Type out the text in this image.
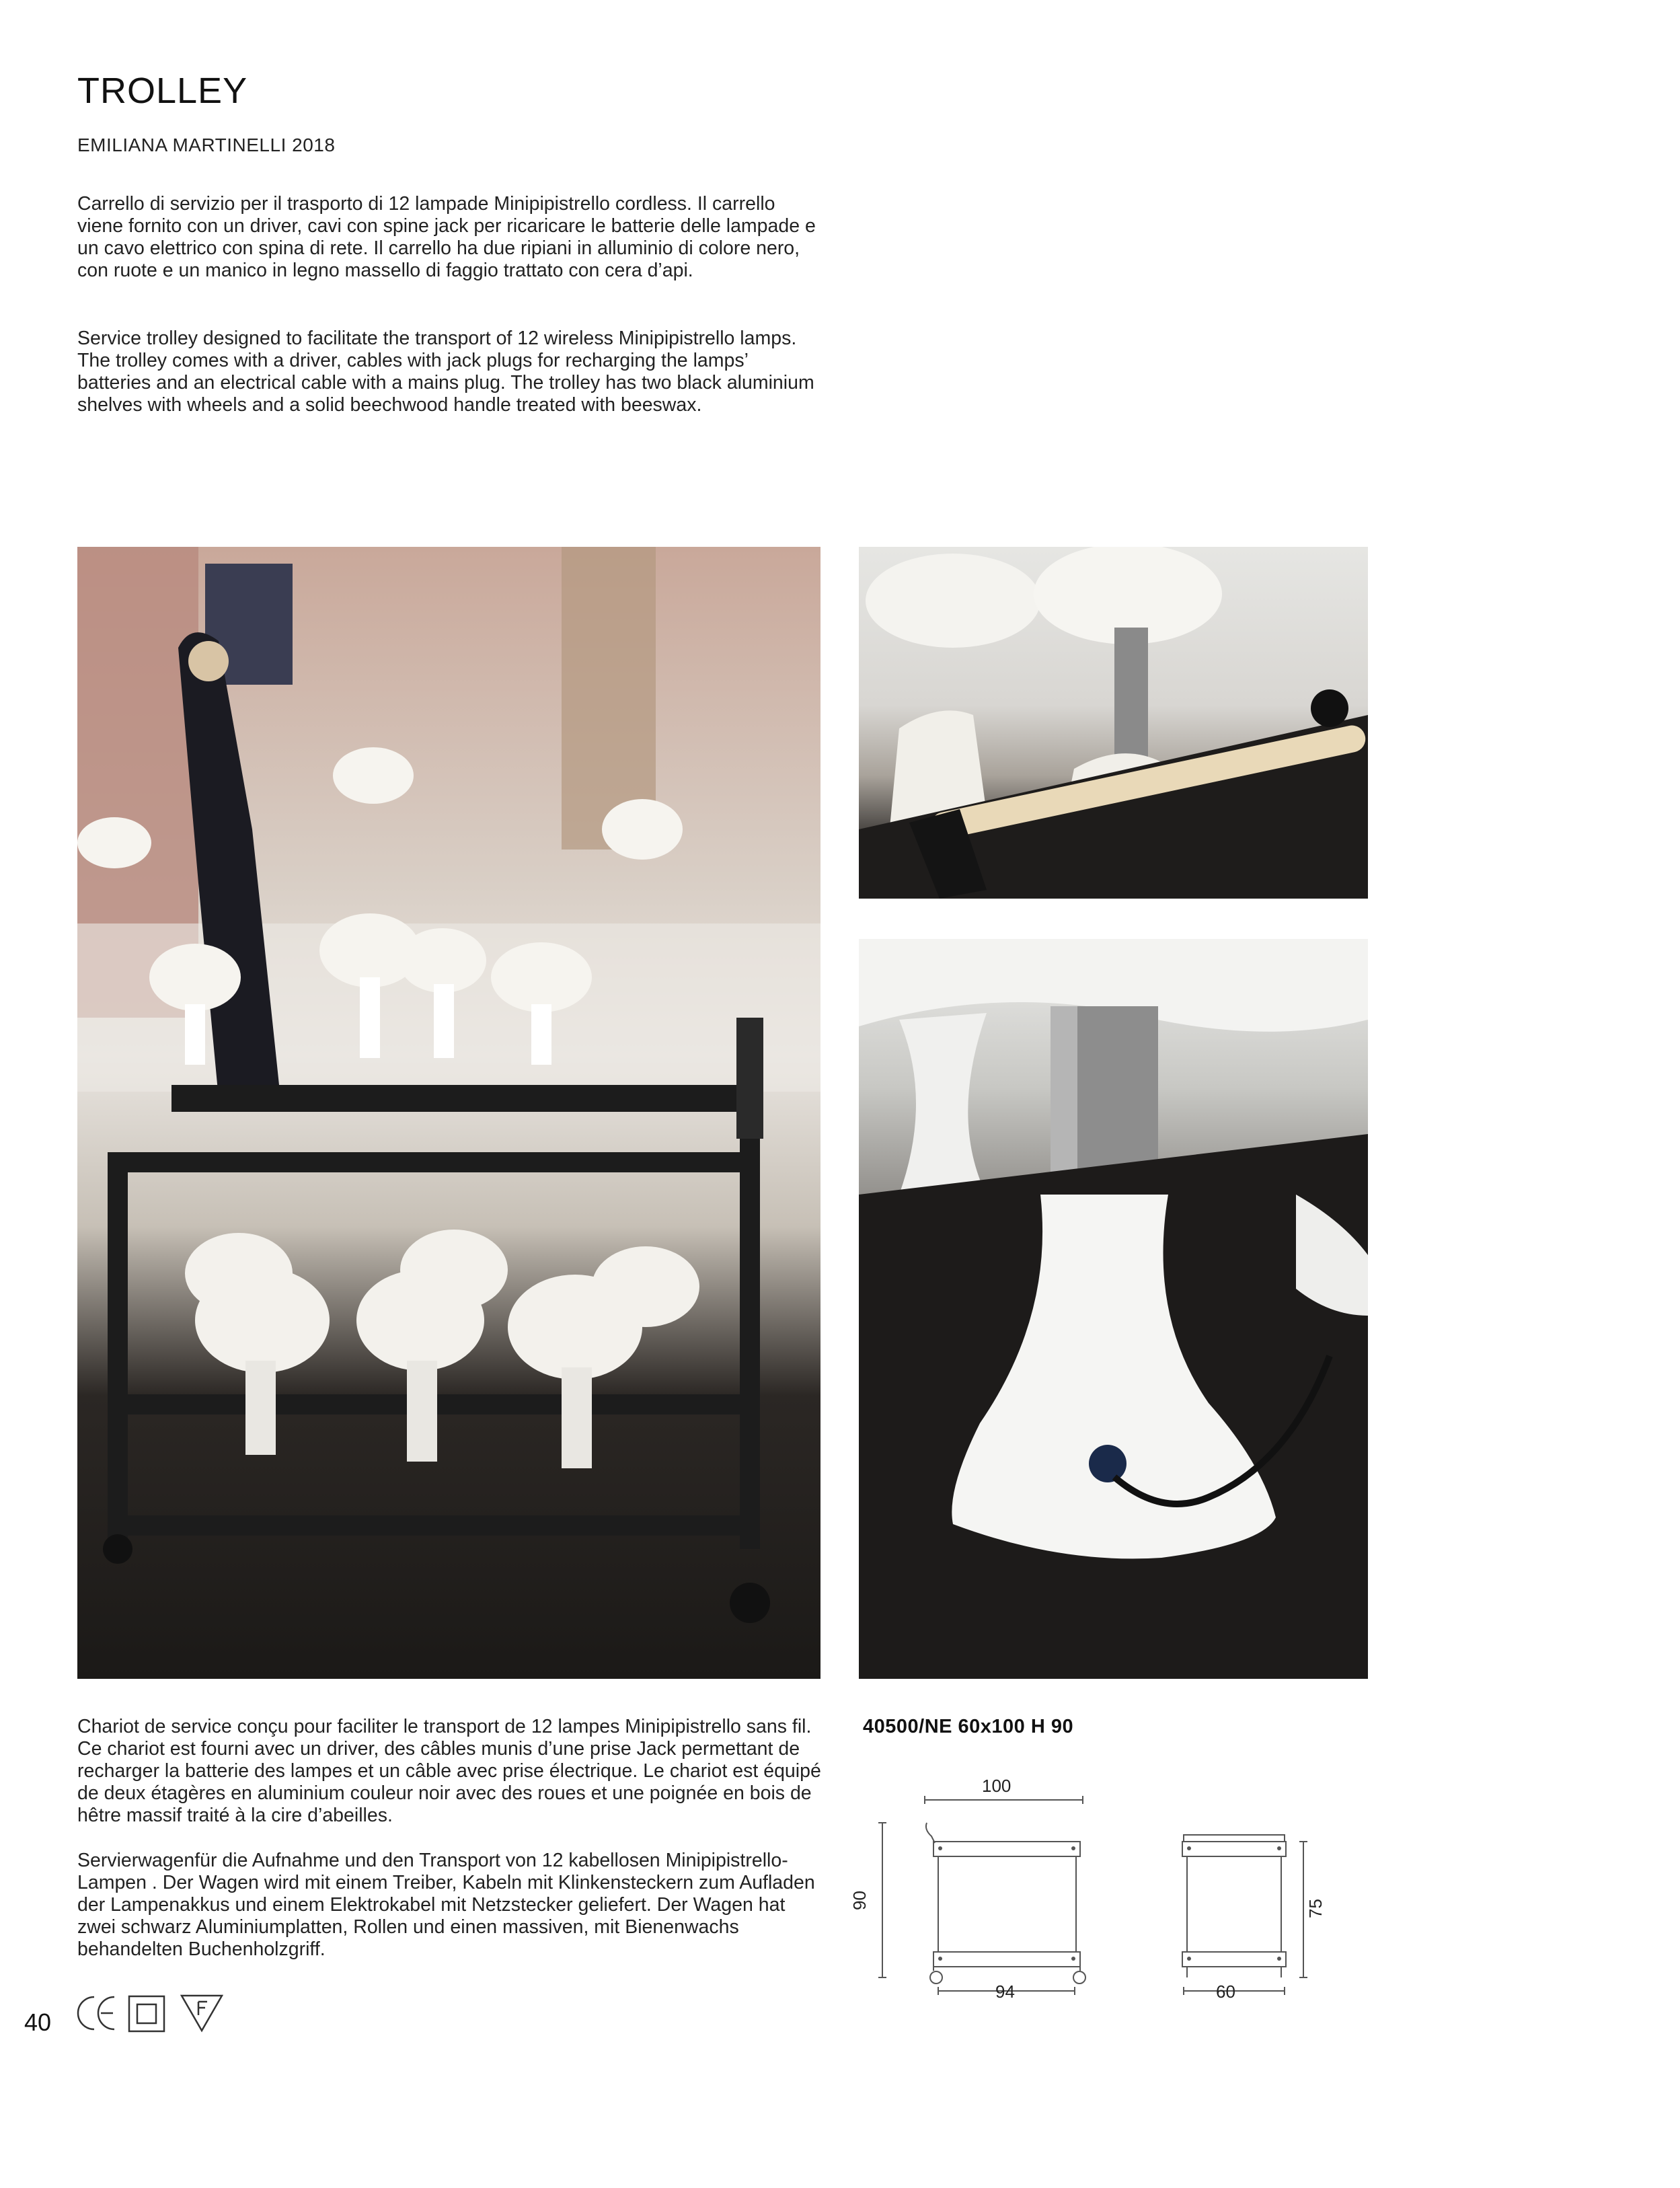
TROLLEY
EMILIANA MARTINELLI 2018

Carrello di servizio per il trasporto di 12 lampade Minipipistrello cordless. Il carrello viene fornito con un driver, cavi con spine jack per ricaricare le batterie delle lampade e un cavo elettrico con spina di rete. Il carrello ha due ripiani in alluminio di colore nero, con ruote e un manico in legno massello di faggio trattato con cera d’api.

Service trolley designed to facilitate the transport of 12 wireless Minipipistrello lamps. The trolley comes with a driver, cables with jack plugs for recharging the lamps’ batteries and an electrical cable with a mains plug. The trolley has two black aluminium shelves with wheels and a solid beechwood handle treated with beeswax.

Chariot de service conçu pour faciliter le transport de 12 lampes Minipipistrello sans fil. Ce chariot est fourni avec un driver, des câbles munis d’une prise Jack permettant de recharger la batterie des lampes et un câble avec prise électrique. Le chariot est équipé de deux étagères en aluminium couleur noir avec des roues et une poignée en bois de hêtre massif traité à la cire d’abeilles.

Servierwagenfür die Aufnahme und den Transport von 12 kabellosen Minipipistrello-Lampen . Der Wagen wird mit einem Treiber, Kabeln mit Klinkensteckern zum Aufladen der Lampenakkus und einem Elektrokabel mit Netzstecker geliefert. Der Wagen hat zwei schwarz Aluminiumplatten, Rollen und einen massiven, mit Bienenwachs behandelten Buchenholzgriff.

40500/NE 60x100 H 90
100
90
94
75
60
40
